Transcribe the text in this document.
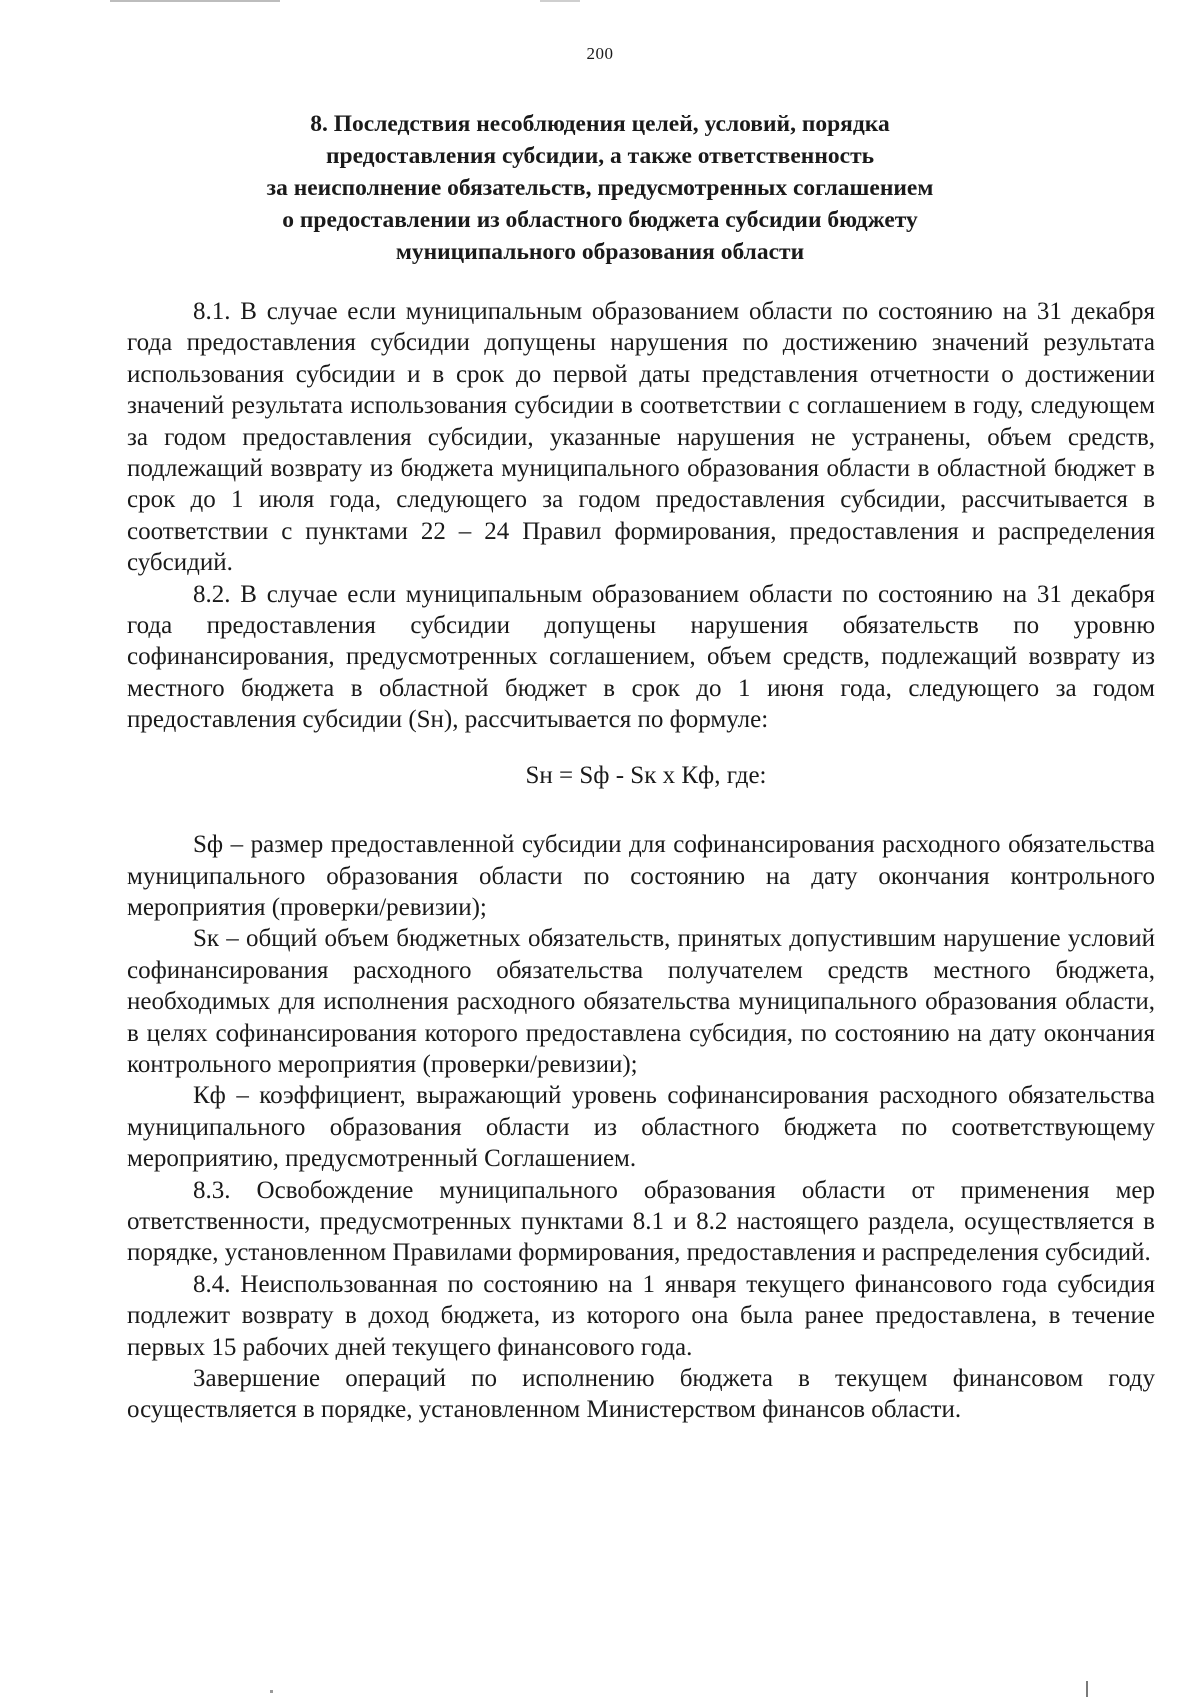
200
8. Последствия несоблюдения целей, условий, порядка
предоставления субсидии, а также ответственность
за неисполнение обязательств, предусмотренных соглашением
о предоставлении из областного бюджета субсидии бюджету
муниципального образования области

8.1. В случае если муниципальным образованием области по состоянию на 31 декабря года предоставления субсидии допущены нарушения по достижению значений результата использования субсидии и в срок до первой даты представления отчетности о достижении значений результата использования субсидии в соответствии с соглашением в году, следующем за годом предоставления субсидии, указанные нарушения не устранены, объем средств, подлежащий возврату из бюджета муниципального образования области в областной бюджет в срок до 1 июля года, следующего за годом предоставления субсидии, рассчитывается в соответствии с пунктами 22 – 24 Правил формирования, предоставления и распределения субсидий.

8.2. В случае если муниципальным образованием области по состоянию на 31 декабря года предоставления субсидии допущены нарушения обязательств по уровню софинансирования, предусмотренных соглашением, объем средств, подлежащий возврату из местного бюджета в областной бюджет в срок до 1 июня года, следующего за годом предоставления субсидии (Sн), рассчитывается по формуле:

Sн = Sф - Sк х Кф, где:

Sф – размер предоставленной субсидии для софинансирования расходного обязательства муниципального образования области по состоянию на дату окончания контрольного мероприятия (проверки/ревизии);

Sк – общий объем бюджетных обязательств, принятых допустившим нарушение условий софинансирования расходного обязательства получателем средств местного бюджета, необходимых для исполнения расходного обязательства муниципального образования области, в целях софинансирования которого предоставлена субсидия, по состоянию на дату окончания контрольного мероприятия (проверки/ревизии);

Кф – коэффициент, выражающий уровень софинансирования расходного обязательства муниципального образования области из областного бюджета по соответствующему мероприятию, предусмотренный Соглашением.

8.3. Освобождение муниципального образования области от применения мер ответственности, предусмотренных пунктами 8.1 и 8.2 настоящего раздела, осуществляется в порядке, установленном Правилами формирования, предоставления и распределения субсидий.

8.4. Неиспользованная по состоянию на 1 января текущего финансового года субсидия подлежит возврату в доход бюджета, из которого она была ранее предоставлена, в течение первых 15 рабочих дней текущего финансового года.

Завершение операций по исполнению бюджета в текущем финансовом году осуществляется в порядке, установленном Министерством финансов области.
